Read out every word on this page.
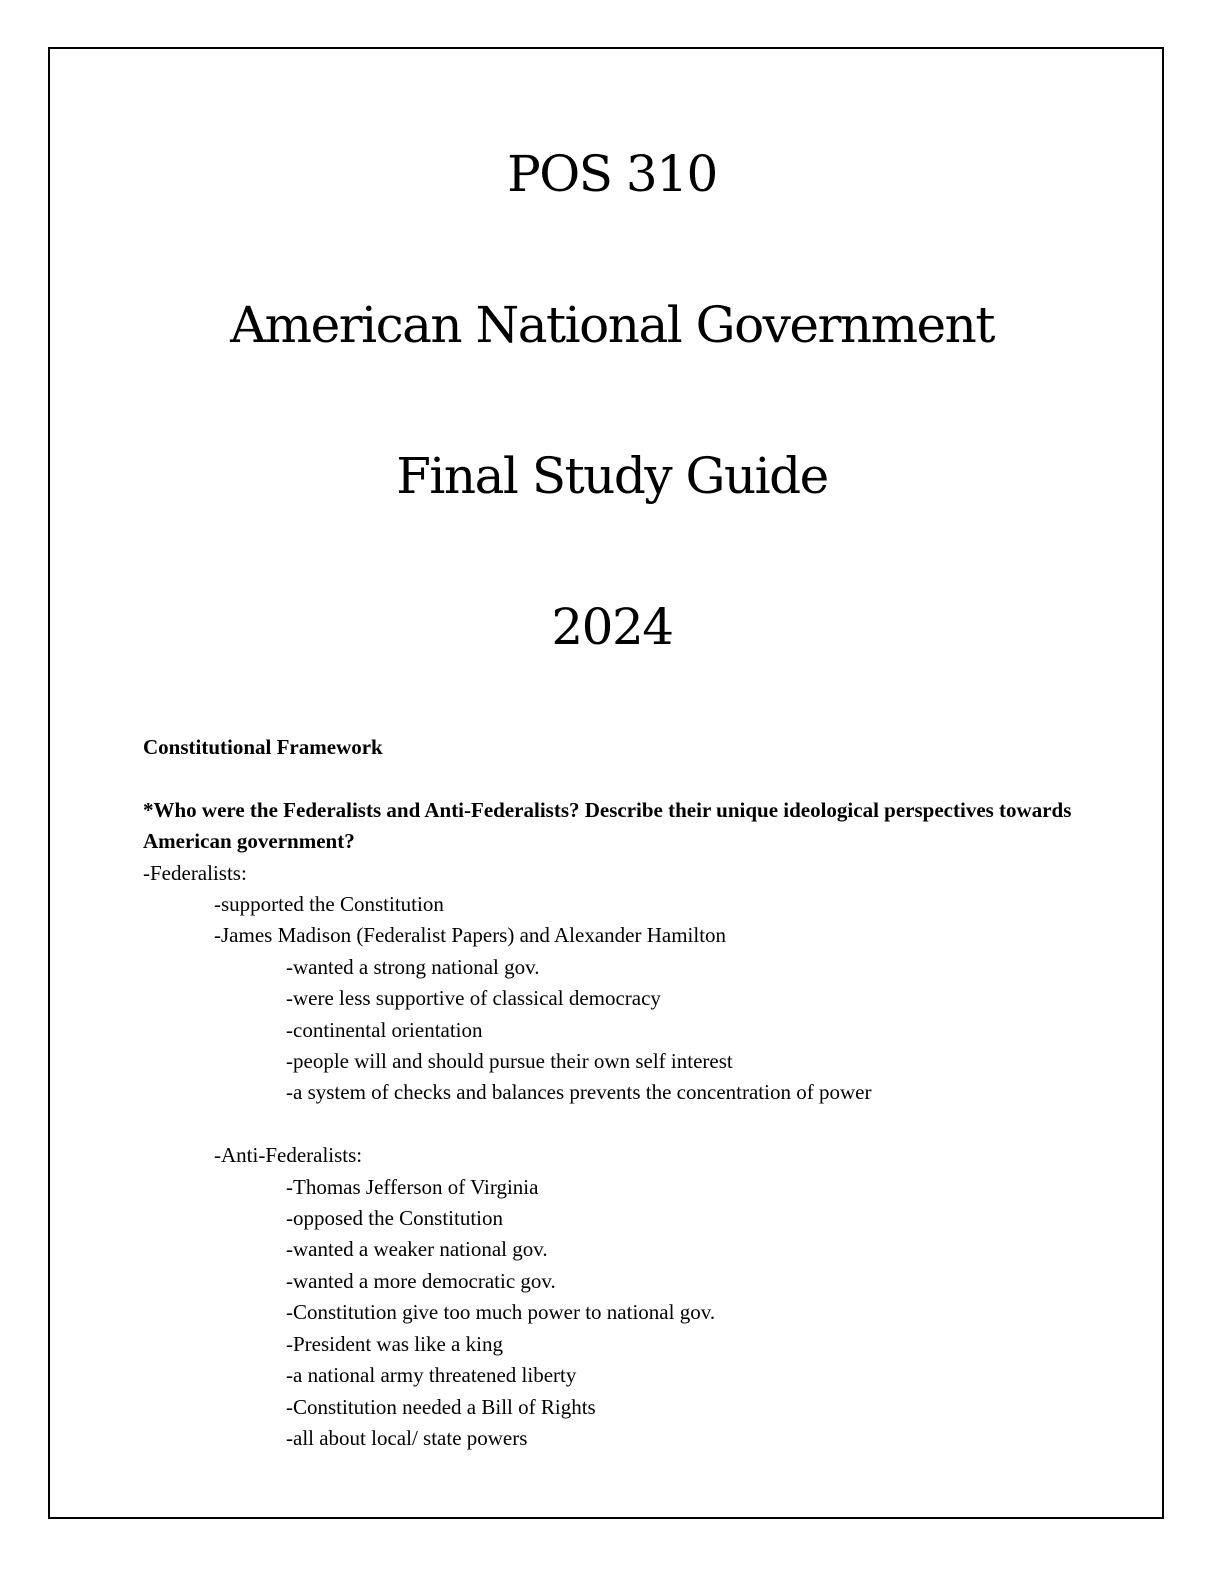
POS 310
American National Government
Final Study Guide
2024

Constitutional Framework

*Who were the Federalists and Anti-Federalists? Describe their unique ideological perspectives towards American government?

-Federalists:

-supported the Constitution

-James Madison (Federalist Papers) and Alexander Hamilton

-wanted a strong national gov.

-were less supportive of classical democracy

-continental orientation

-people will and should pursue their own self interest

-a system of checks and balances prevents the concentration of power

-Anti-Federalists:

-Thomas Jefferson of Virginia

-opposed the Constitution

-wanted a weaker national gov.

-wanted a more democratic gov.

-Constitution give too much power to national gov.

-President was like a king

-a national army threatened liberty

-Constitution needed a Bill of Rights

-all about local/ state powers
